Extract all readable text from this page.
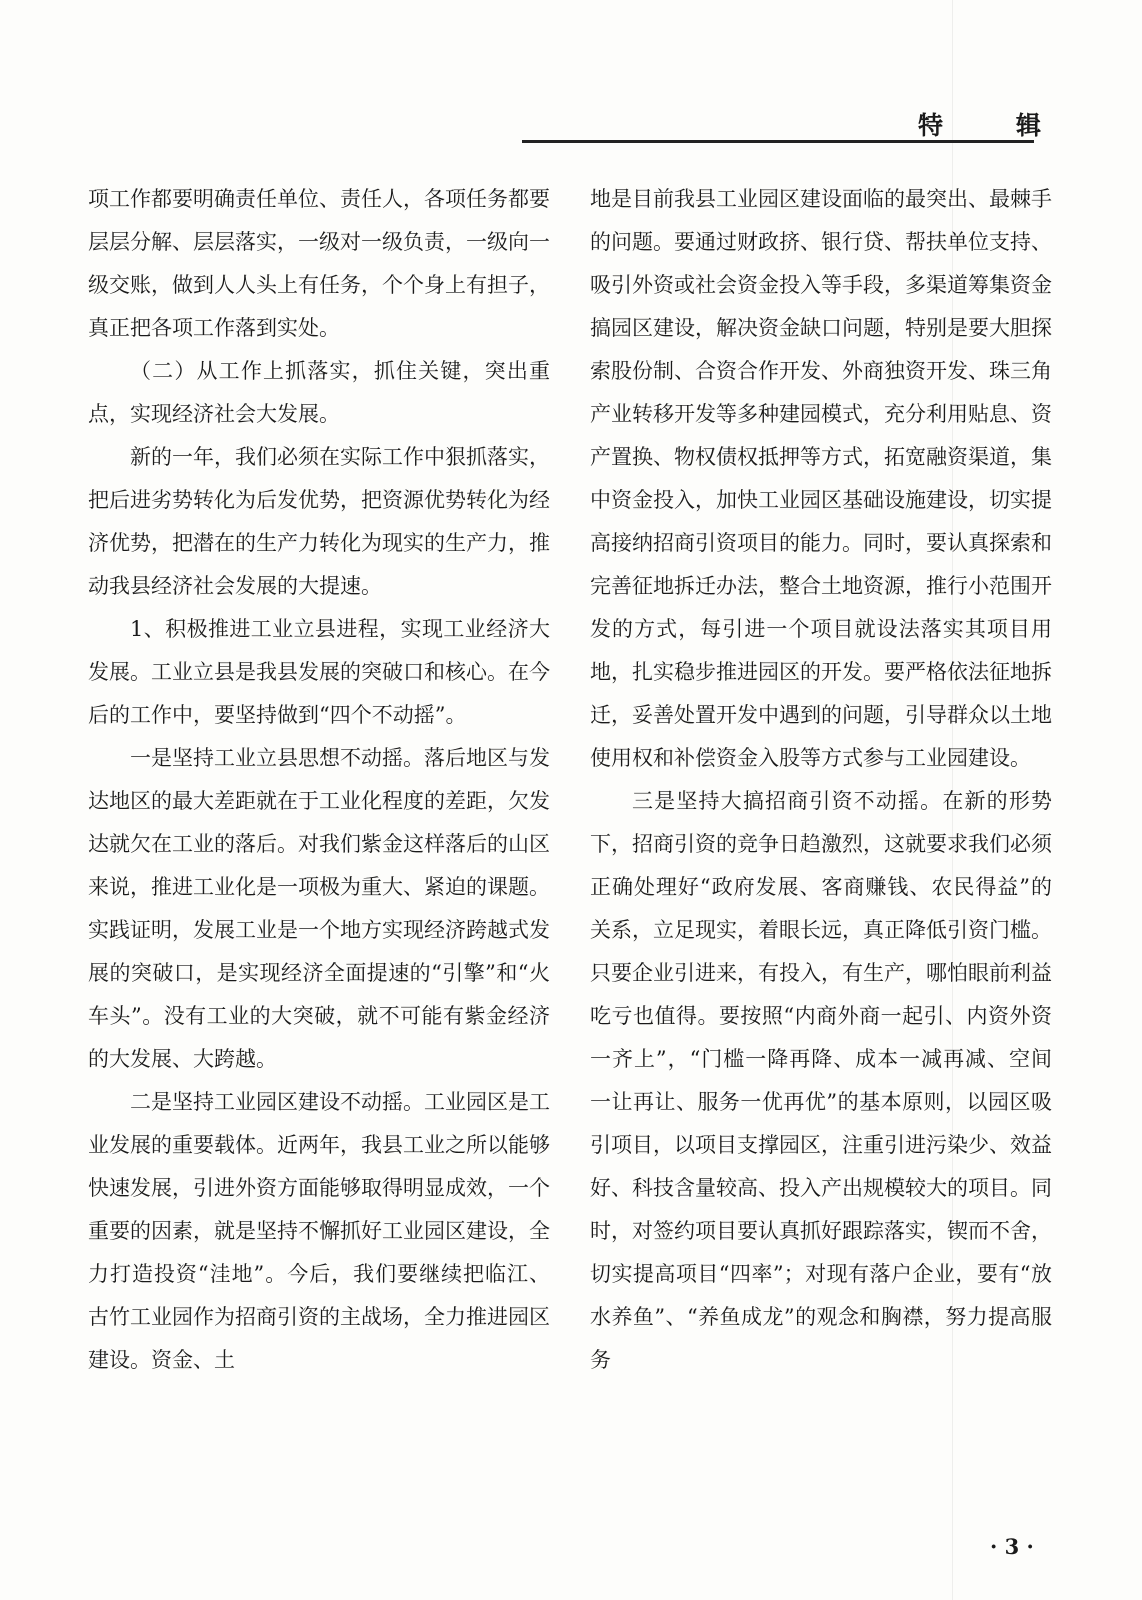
特　辑

项工作都要明确责任单位、责任人，各项任务都要层层分解、层层落实，一级对一级负责，一级向一级交账，做到人人头上有任务，个个身上有担子，真正把各项工作落到实处。

（二）从工作上抓落实，抓住关键，突出重点，实现经济社会大发展。

新的一年，我们必须在实际工作中狠抓落实，把后进劣势转化为后发优势，把资源优势转化为经济优势，把潜在的生产力转化为现实的生产力，推动我县经济社会发展的大提速。

1、积极推进工业立县进程，实现工业经济大发展。工业立县是我县发展的突破口和核心。在今后的工作中，要坚持做到“四个不动摇”。

一是坚持工业立县思想不动摇。落后地区与发达地区的最大差距就在于工业化程度的差距，欠发达就欠在工业的落后。对我们紫金这样落后的山区来说，推进工业化是一项极为重大、紧迫的课题。实践证明，发展工业是一个地方实现经济跨越式发展的突破口，是实现经济全面提速的“引擎”和“火车头”。没有工业的大突破，就不可能有紫金经济的大发展、大跨越。

二是坚持工业园区建设不动摇。工业园区是工业发展的重要载体。近两年，我县工业之所以能够快速发展，引进外资方面能够取得明显成效，一个重要的因素，就是坚持不懈抓好工业园区建设，全力打造投资“洼地”。今后，我们要继续把临江、古竹工业园作为招商引资的主战场，全力推进园区建设。资金、土

地是目前我县工业园区建设面临的最突出、最棘手的问题。要通过财政挤、银行贷、帮扶单位支持、吸引外资或社会资金投入等手段，多渠道筹集资金搞园区建设，解决资金缺口问题，特别是要大胆探索股份制、合资合作开发、外商独资开发、珠三角产业转移开发等多种建园模式，充分利用贴息、资产置换、物权债权抵押等方式，拓宽融资渠道，集中资金投入，加快工业园区基础设施建设，切实提高接纳招商引资项目的能力。同时，要认真探索和完善征地拆迁办法，整合土地资源，推行小范围开发的方式，每引进一个项目就设法落实其项目用地，扎实稳步推进园区的开发。要严格依法征地拆迁，妥善处置开发中遇到的问题，引导群众以土地使用权和补偿资金入股等方式参与工业园建设。

三是坚持大搞招商引资不动摇。在新的形势下，招商引资的竞争日趋激烈，这就要求我们必须正确处理好“政府发展、客商赚钱、农民得益”的关系，立足现实，着眼长远，真正降低引资门槛。只要企业引进来，有投入，有生产，哪怕眼前利益吃亏也值得。要按照“内商外商一起引、内资外资一齐上”，“门槛一降再降、成本一减再减、空间一让再让、服务一优再优”的基本原则，以园区吸引项目，以项目支撑园区，注重引进污染少、效益好、科技含量较高、投入产出规模较大的项目。同时，对签约项目要认真抓好跟踪落实，锲而不舍，切实提高项目“四率”；对现有落户企业，要有“放水养鱼”、“养鱼成龙”的观念和胸襟，努力提高服务

· 3 ·
